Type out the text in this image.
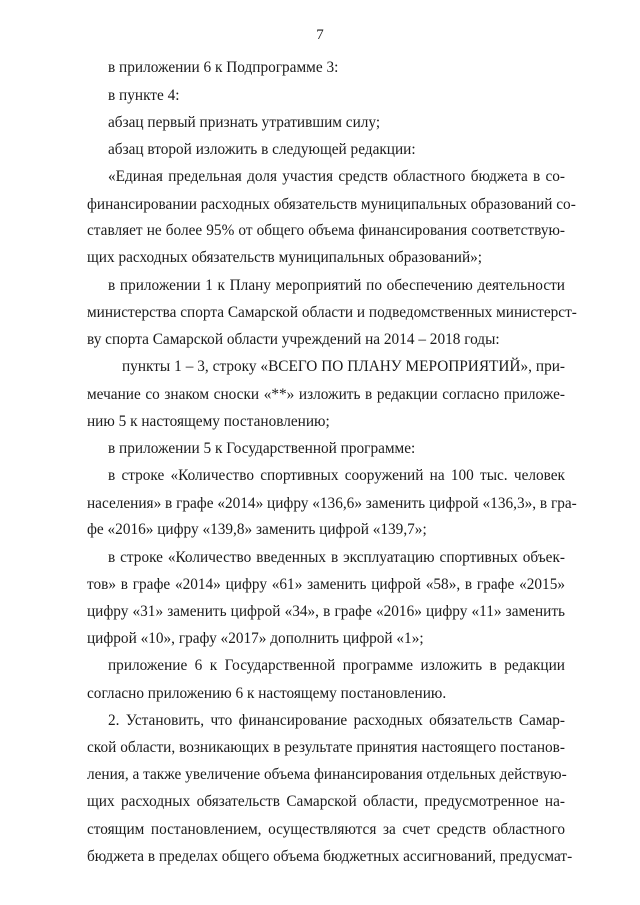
7
в приложении 6 к Подпрограмме 3:
в пункте 4:
абзац первый признать утратившим силу;
абзац второй изложить в следующей редакции:
«Единая предельная доля участия средств областного бюджета в со-
финансировании расходных обязательств муниципальных образований со-
ставляет не более 95% от общего объема финансирования соответствую-
щих расходных обязательств муниципальных образований»;
в приложении 1 к Плану мероприятий по обеспечению деятельности
министерства спорта Самарской области и подведомственных министерст-
ву спорта Самарской области учреждений на 2014 – 2018 годы:
пункты 1 – 3, строку «ВСЕГО ПО ПЛАНУ МЕРОПРИЯТИЙ», при-
мечание со знаком сноски «**» изложить в редакции согласно приложе-
нию 5 к настоящему постановлению;
в приложении 5 к Государственной программе:
в строке «Количество спортивных сооружений на 100 тыс. человек
населения» в графе «2014» цифру «136,6» заменить цифрой «136,3», в гра-
фе «2016» цифру «139,8» заменить цифрой «139,7»;
в строке «Количество введенных в эксплуатацию спортивных объек-
тов» в графе «2014» цифру «61» заменить цифрой «58», в графе «2015»
цифру «31» заменить цифрой «34», в графе «2016» цифру «11» заменить
цифрой «10», графу «2017» дополнить цифрой «1»;
приложение 6 к Государственной программе изложить в редакции
согласно приложению 6 к настоящему постановлению.
2. Установить, что финансирование расходных обязательств Самар-
ской области, возникающих в результате принятия настоящего постанов-
ления, а также увеличение объема финансирования отдельных действую-
щих расходных обязательств Самарской области, предусмотренное на-
стоящим постановлением, осуществляются за счет средств областного
бюджета в пределах общего объема бюджетных ассигнований, предусмат-
